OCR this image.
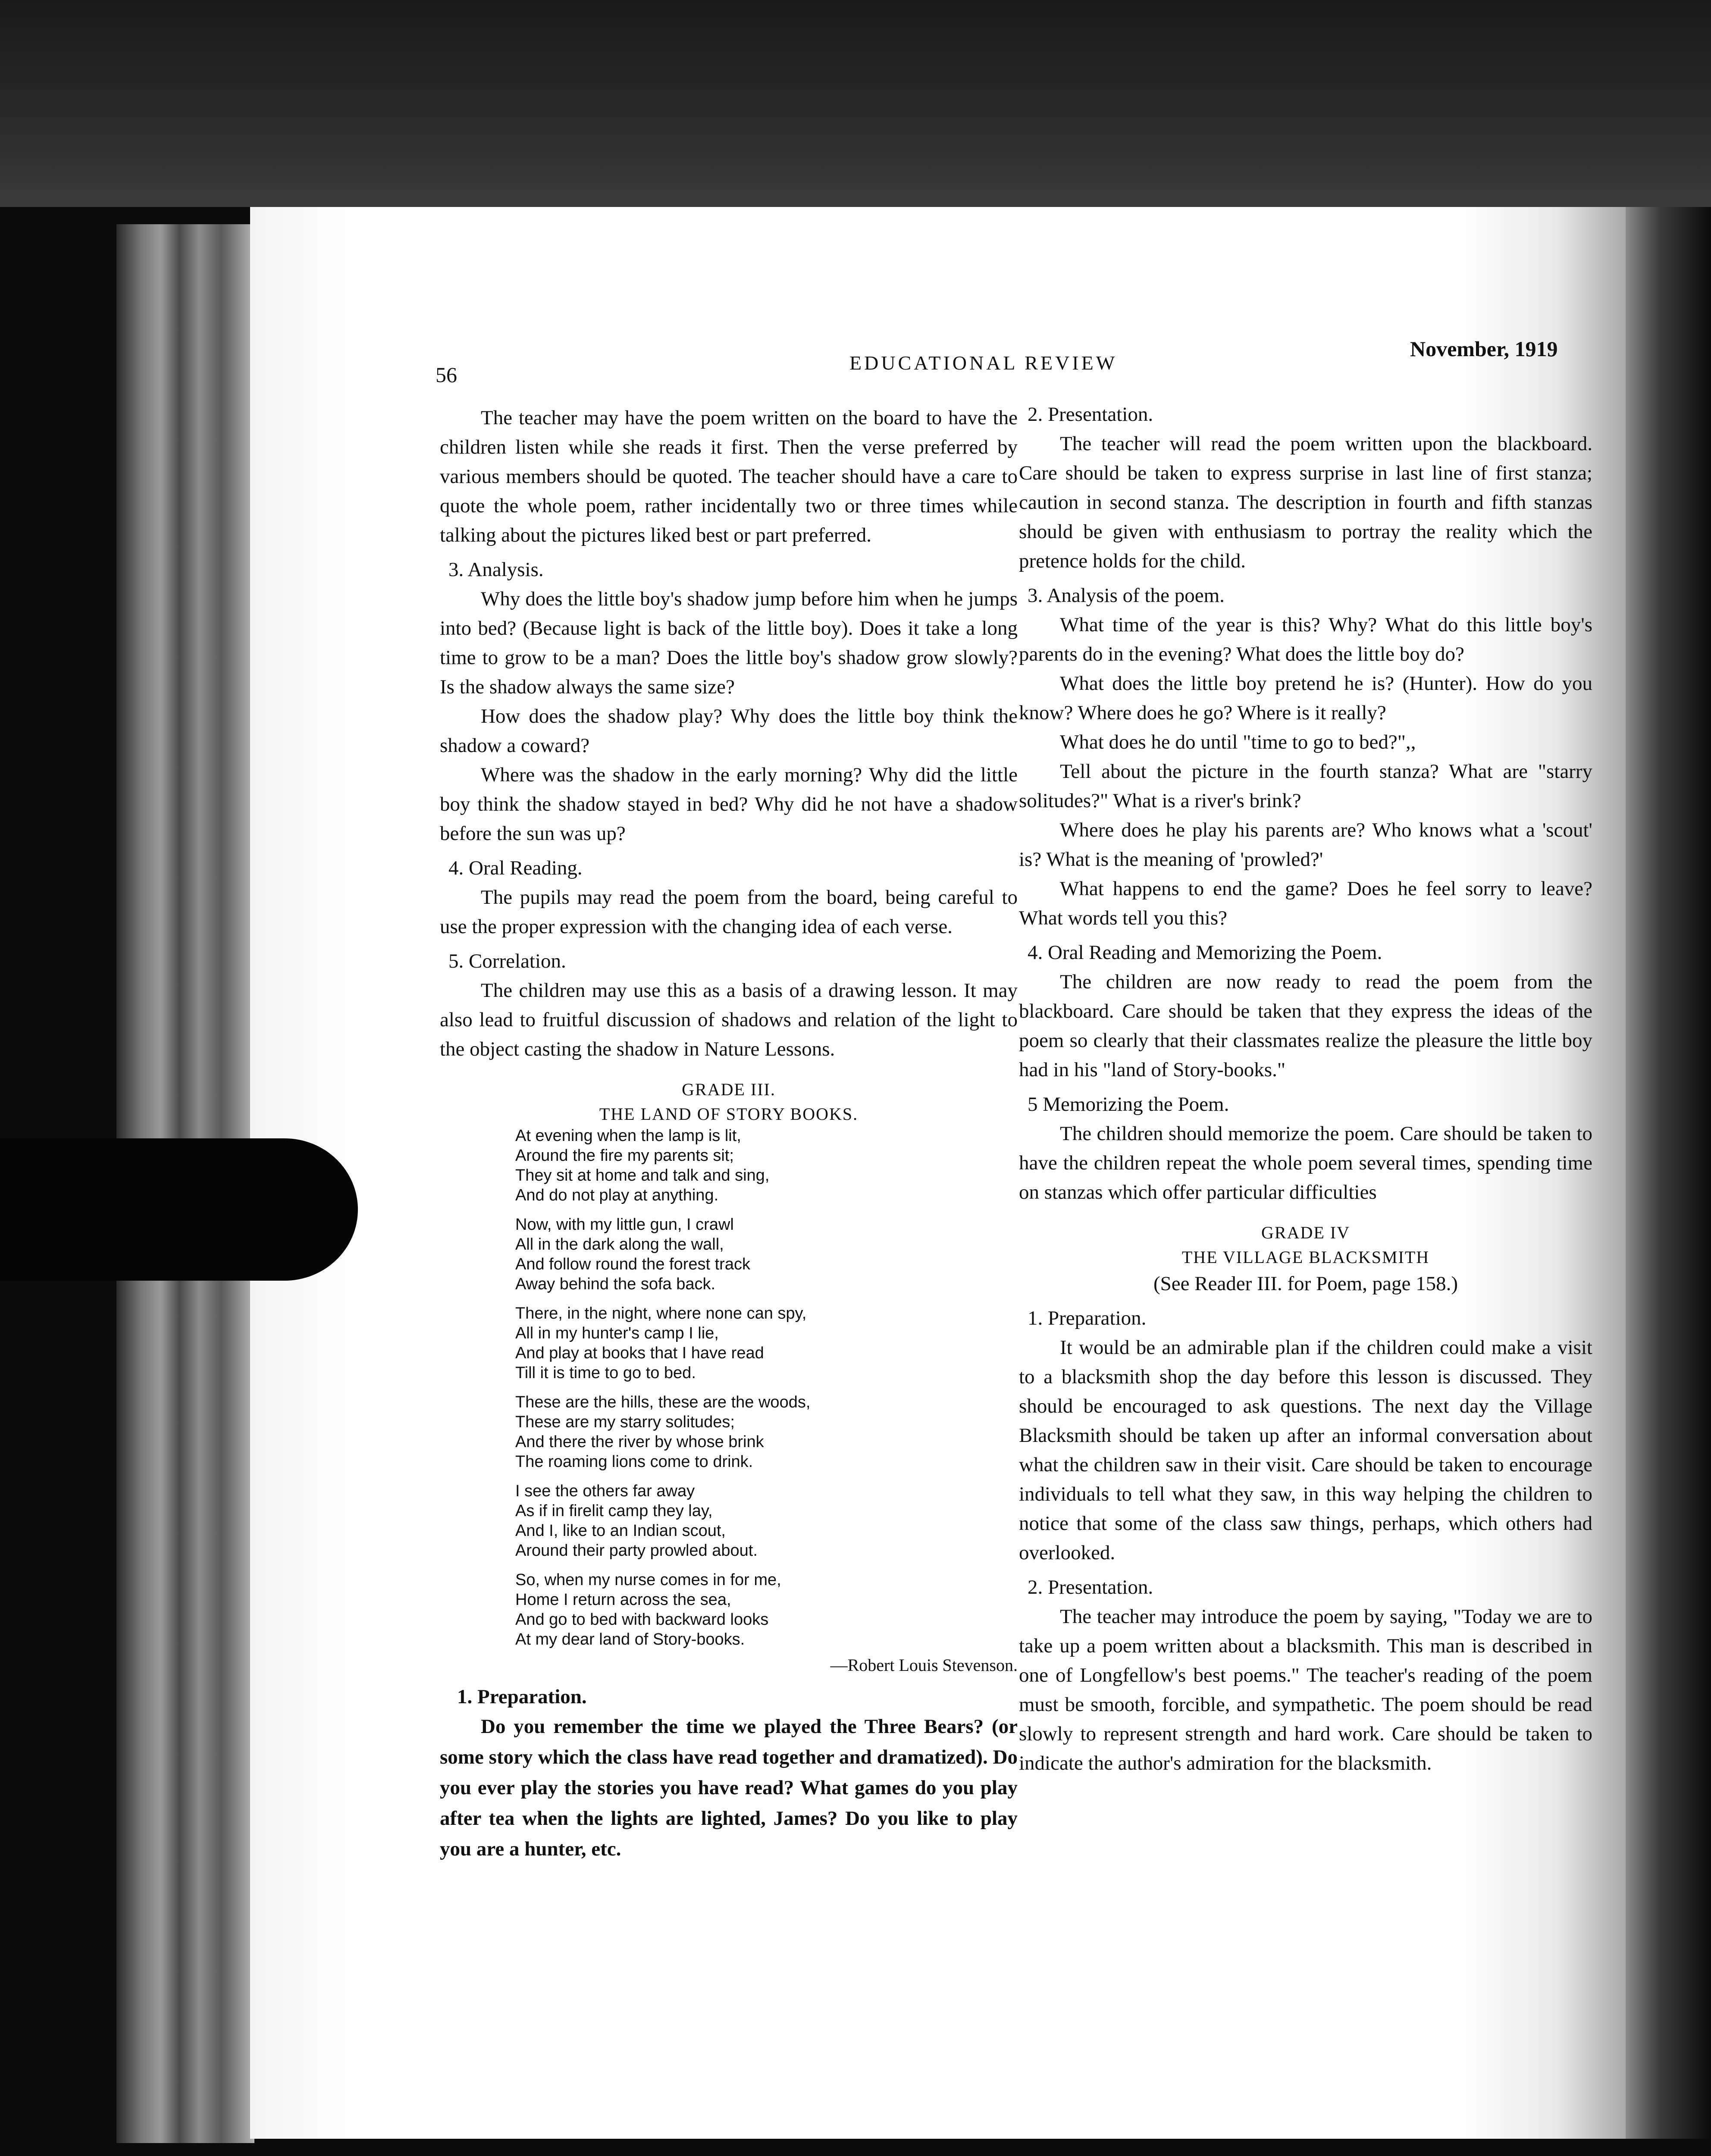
56	EDUCATIONAL REVIEW
November, 1919

The teacher may have the poem written on the board to have the children listen while she reads it first. Then the verse preferred by various members should be quoted. The teacher should have a care to quote the whole poem, rather incidentally two or three times while talking about the pictures liked best or part preferred.

3. Analysis.

Why does the little boy's shadow jump before him when he jumps into bed? (Because light is back of the little boy). Does it take a long time to grow to be a man? Does the little boy's shadow grow slowly? Is the shadow always the same size?

How does the shadow play? Why does the little boy think the shadow a coward?

Where was the shadow in the early morning? Why did the little boy think the shadow stayed in bed? Why did he not have a shadow before the sun was up?

4. Oral Reading.

The pupils may read the poem from the board, being careful to use the proper expression with the changing idea of each verse.

5. Correlation.

The children may use this as a basis of a drawing lesson. It may also lead to fruitful discussion of shadows and relation of the light to the object casting the shadow in Nature Lessons.

GRADE III.
THE LAND OF STORY BOOKS.
At evening when the lamp is lit,
Around the fire my parents sit;
They sit at home and talk and sing,
And do not play at anything.
Now, with my little gun, I crawl
All in the dark along the wall,
And follow round the forest track
Away behind the sofa back.
There, in the night, where none can spy,
All in my hunter's camp I lie,
And play at books that I have read
Till it is time to go to bed.
These are the hills, these are the woods,
These are my starry solitudes;
And there the river by whose brink
The roaming lions come to drink.
I see the others far away
As if in firelit camp they lay,
And I, like to an Indian scout,
Around their party prowled about.
So, when my nurse comes in for me,
Home I return across the sea,
And go to bed with backward looks
At my dear land of Story-books.
—Robert Louis Stevenson.
1. Preparation.

Do you remember the time we played the Three Bears? (or some story which the class have read together and dramatized). Do you ever play the stories you have read? What games do you play after tea when the lights are lighted, James? Do you like to play you are a hunter, etc.

2. Presentation.

The teacher will read the poem written upon the blackboard. Care should be taken to express surprise in last line of first stanza; caution in second stanza. The description in fourth and fifth stanzas should be given with enthusiasm to portray the reality which the pretence holds for the child.

3. Analysis of the poem.

What time of the year is this? Why? What do this little boy's parents do in the evening? What does the little boy do?

What does the little boy pretend he is? (Hunter). How do you know? Where does he go? Where is it really?

What does he do until "time to go to bed?",,

Tell about the picture in the fourth stanza? What are "starry solitudes?" What is a river's brink?

Where does he play his parents are? Who knows what a 'scout' is? What is the meaning of 'prowled?'

What happens to end the game? Does he feel sorry to leave? What words tell you this?

4. Oral Reading and Memorizing the Poem.

The children are now ready to read the poem from the blackboard. Care should be taken that they express the ideas of the poem so clearly that their classmates realize the pleasure the little boy had in his "land of Story-books."

5 Memorizing the Poem.

The children should memorize the poem. Care should be taken to have the children repeat the whole poem several times, spending time on stanzas which offer particular difficulties

GRADE IV
THE VILLAGE BLACKSMITH
(See Reader III. for Poem, page 158.)
1. Preparation.

It would be an admirable plan if the children could make a visit to a blacksmith shop the day before this lesson is discussed. They should be encouraged to ask questions. The next day the Village Blacksmith should be taken up after an informal conversation about what the children saw in their visit. Care should be taken to encourage individuals to tell what they saw, in this way helping the children to notice that some of the class saw things, perhaps, which others had overlooked.

2. Presentation.

The teacher may introduce the poem by saying, "Today we are to take up a poem written about a blacksmith. This man is described in one of Longfellow's best poems." The teacher's reading of the poem must be smooth, forcible, and sympathetic. The poem should be read slowly to represent strength and hard work. Care should be taken to indicate the author's admiration for the blacksmith.
